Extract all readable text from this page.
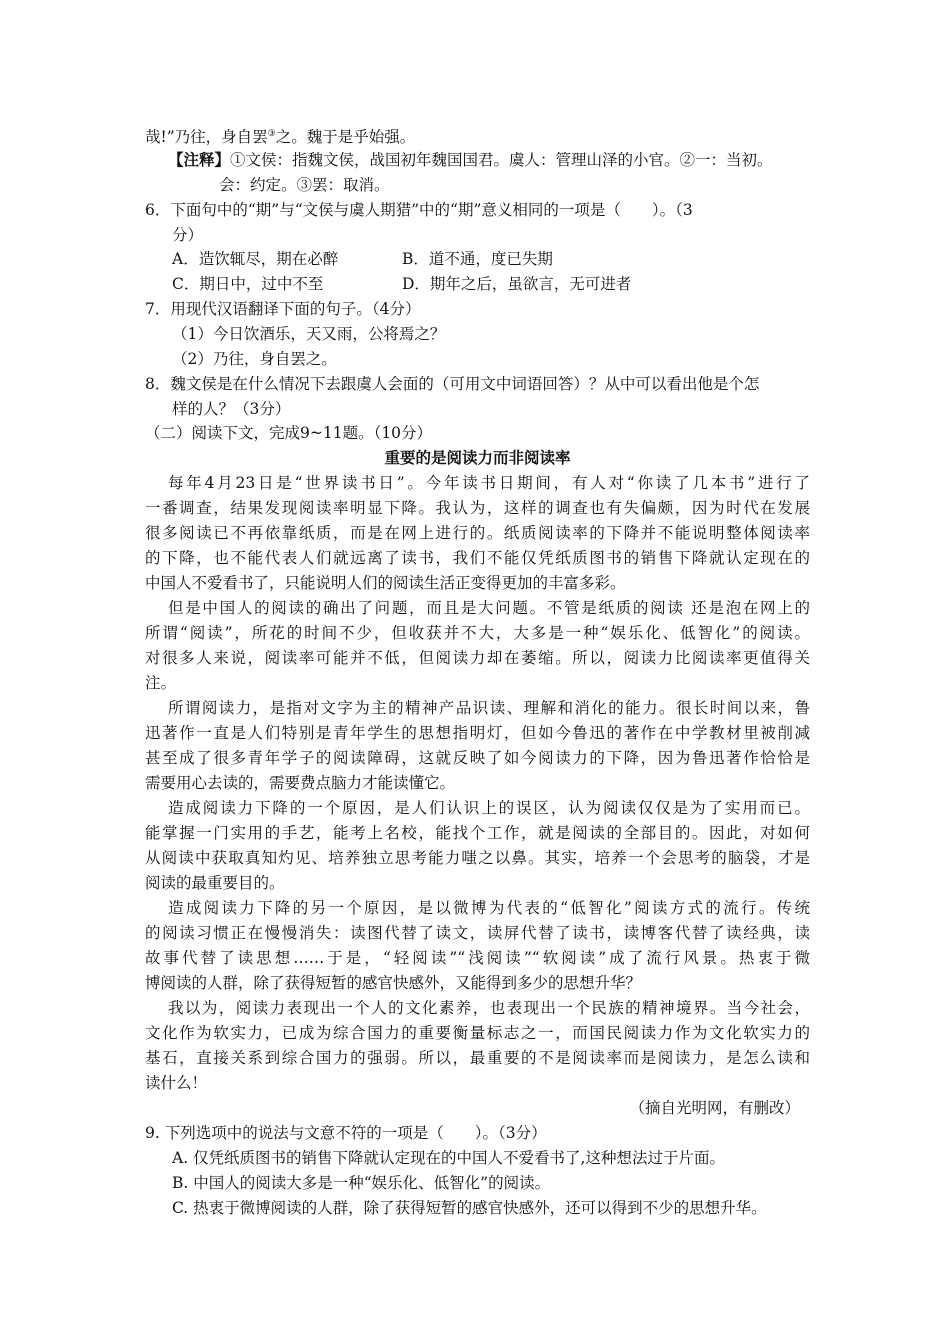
哉!”乃往，身自罢③之。魏于是乎始强。
【注释】①文侯：指魏文侯，战国初年魏国国君。虞人：管理山泽的小官。②一：当初。
会：约定。③罢：取消。
6．下面句中的“期”与“文侯与虞人期猎”中的“期”意义相同的一项是（　　）。（3
分）
A．造饮辄尽，期在必醉	B．道不通，度已失期
C．期日中，过中不至	D．期年之后，虽欲言，无可进者
7．用现代汉语翻译下面的句子。（4分）
（1）今日饮酒乐，天又雨，公将焉之？
（2）乃往，身自罢之。
8．魏文侯是在什么情况下去跟虞人会面的（可用文中词语回答）？从中可以看出他是个怎
样的人？（3分）
（二）阅读下文，完成9~11题。（10分）
重要的是阅读力而非阅读率
每年4月23日是“世界读书日”。今年读书日期间，有人对“你读了几本书”进行了
一番调查，结果发现阅读率明显下降。我认为，这样的调查也有失偏颇，因为时代在发展
很多阅读已不再依靠纸质，而是在网上进行的。纸质阅读率的下降并不能说明整体阅读率
的下降，也不能代表人们就远离了读书，我们不能仅凭纸质图书的销售下降就认定现在的
中国人不爱看书了，只能说明人们的阅读生活正变得更加的丰富多彩。
但是中国人的阅读的确出了问题，而且是大问题。不管是纸质的阅读 还是泡在网上的
所谓“阅读”，所花的时间不少，但收获并不大，大多是一种“娱乐化、低智化”的阅读。
对很多人来说，阅读率可能并不低，但阅读力却在萎缩。所以，阅读力比阅读率更值得关
注。
所谓阅读力，是指对文字为主的精神产品识读、理解和消化的能力。很长时间以来，鲁
迅著作一直是人们特别是青年学生的思想指明灯，但如今鲁迅的著作在中学教材里被削减
甚至成了很多青年学子的阅读障碍，这就反映了如今阅读力的下降，因为鲁迅著作恰恰是
需要用心去读的，需要费点脑力才能读懂它。
造成阅读力下降的一个原因，是人们认识上的误区，认为阅读仅仅是为了实用而已。
能掌握一门实用的手艺，能考上名校，能找个工作，就是阅读的全部目的。因此，对如何
从阅读中获取真知灼见、培养独立思考能力嗤之以鼻。其实，培养一个会思考的脑袋，才是
阅读的最重要目的。
造成阅读力下降的另一个原因，是以微博为代表的“低智化”阅读方式的流行。传统
的阅读习惯正在慢慢消失：读图代替了读文，读屏代替了读书，读博客代替了读经典，读
故事代替了读思想……于是，“轻阅读”“浅阅读”“软阅读”成了流行风景。热衷于微
博阅读的人群，除了获得短暂的感官快感外，又能得到多少的思想升华？
我以为，阅读力表现出一个人的文化素养，也表现出一个民族的精神境界。当今社会，
文化作为软实力，已成为综合国力的重要衡量标志之一，而国民阅读力作为文化软实力的
基石，直接关系到综合国力的强弱。所以，最重要的不是阅读率而是阅读力，是怎么读和
读什么！
（摘自光明网，有删改）
9. 下列选项中的说法与文意不符的一项是（　　）。（3分）
A. 仅凭纸质图书的销售下降就认定现在的中国人不爱看书了,这种想法过于片面。
B. 中国人的阅读大多是一种“娱乐化、低智化”的阅读。
C. 热衷于微博阅读的人群，除了获得短暂的感官快感外，还可以得到不少的思想升华。
